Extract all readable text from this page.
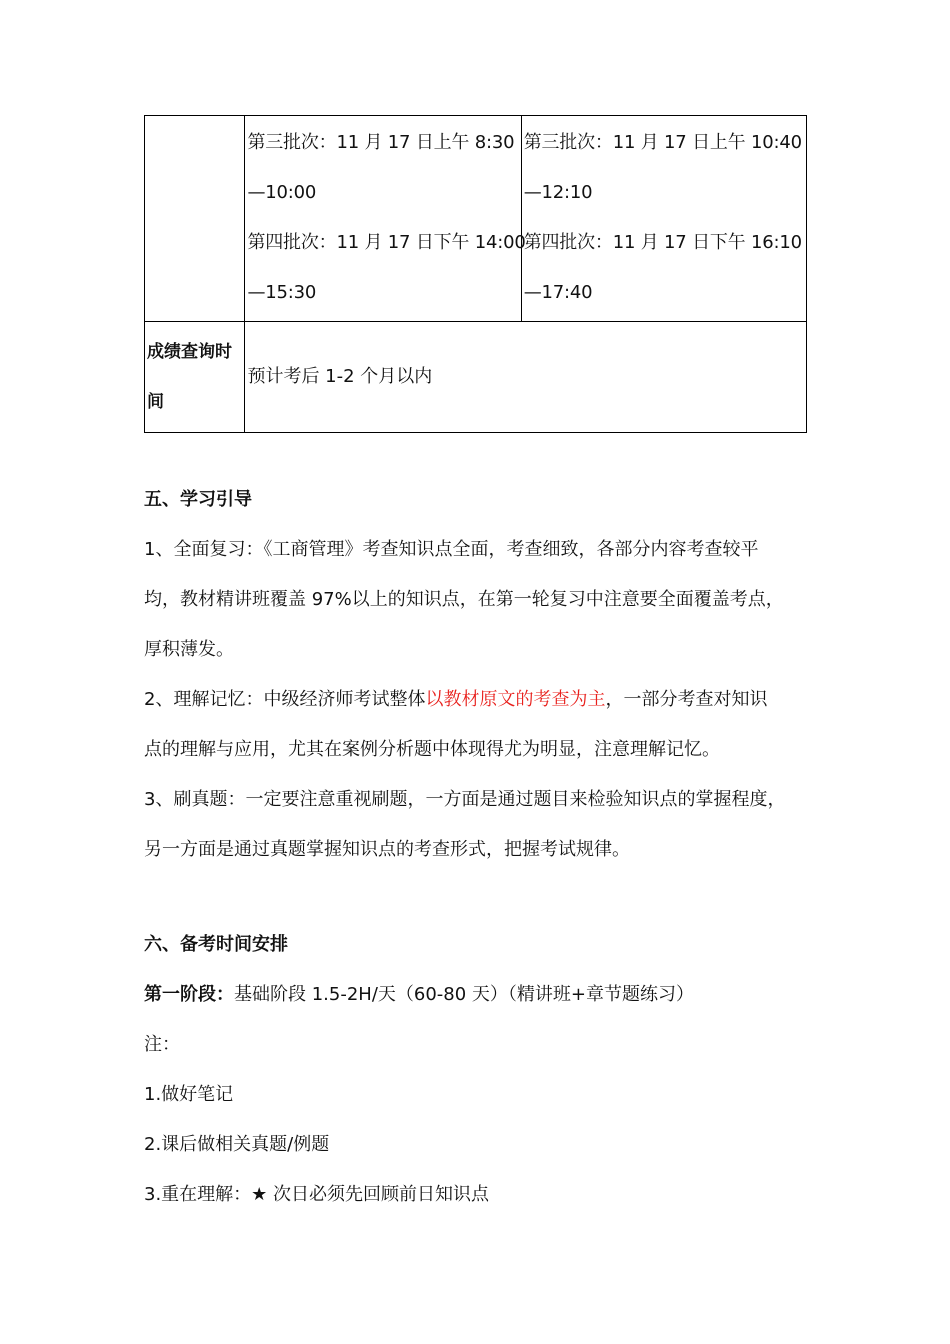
	第三批次：11 月 17 日上午 8:30
—10:00
第四批次：11 月 17 日下午 14:00
—15:30	第三批次：11 月 17 日上午 10:40
—12:10
第四批次：11 月 17 日下午 16:10
—17:40

成绩查询时
间	预计考后 1-2 个月以内	
五、学习引导
1、全面复习：《工商管理》考查知识点全面，考查细致，各部分内容考查较平
均，教材精讲班覆盖 97%以上的知识点，在第一轮复习中注意要全面覆盖考点，
厚积薄发。
2、理解记忆：中级经济师考试整体以教材原文的考查为主，一部分考查对知识
点的理解与应用，尤其在案例分析题中体现得尤为明显，注意理解记忆。
3、刷真题：一定要注意重视刷题，一方面是通过题目来检验知识点的掌握程度，
另一方面是通过真题掌握知识点的考查形式，把握考试规律。
六、备考时间安排
第一阶段：基础阶段 1.5-2H/天（60-80 天）（精讲班+章节题练习）
注：
1.做好笔记
2.课后做相关真题/例题
3.重在理解：★ 次日必须先回顾前日知识点
